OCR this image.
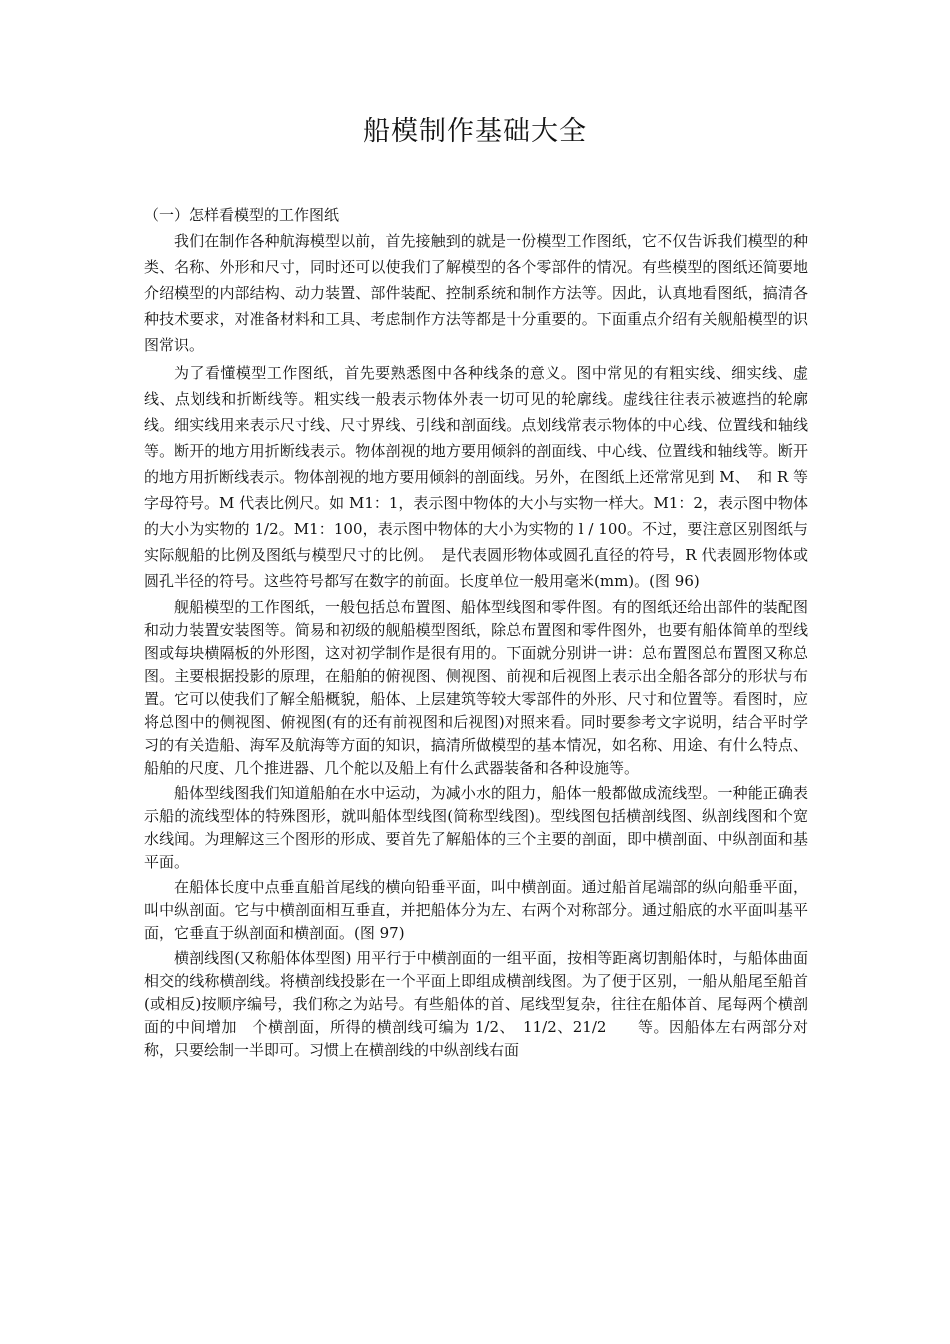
船模制作基础大全

（一）怎样看模型的工作图纸

我们在制作各种航海模型以前，首先接触到的就是一份模型工作图纸，它不仅告诉我们模型的种类、名称、外形和尺寸，同时还可以使我们了解模型的各个零部件的情况。有些模型的图纸还简要地介绍模型的内部结构、动力装置、部件装配、控制系统和制作方法等。因此，认真地看图纸，搞清各种技术要求，对准备材料和工具、考虑制作方法等都是十分重要的。下面重点介绍有关舰船模型的识图常识。

为了看懂模型工作图纸，首先要熟悉图中各种线条的意义。图中常见的有粗实线、细实线、虚线、点划线和折断线等。粗实线一般表示物体外表一切可见的轮廓线。虚线往往表示被遮挡的轮廓线。细实线用来表示尺寸线、尺寸界线、引线和剖面线。点划线常表示物体的中心线、位置线和轴线等。断开的地方用折断线表示。物体剖视的地方要用倾斜的剖面线、中心线、位置线和轴线等。断开的地方用折断线表示。物体剖视的地方要用倾斜的剖面线。另外，在图纸上还常常见到 M、　和 R 等字母符号。M 代表比例尺。如 M1：1，表示图中物体的大小与实物一样大。M1：2，表示图中物体的大小为实物的 1/2。M1：100，表示图中物体的大小为实物的 l / 100。不过，要注意区别图纸与实际舰船的比例及图纸与模型尺寸的比例。　是代表圆形物体或圆孔直径的符号，R 代表圆形物体或圆孔半径的符号。这些符号都写在数字的前面。长度单位一般用毫米(mm)。(图 96)

舰船模型的工作图纸，一般包括总布置图、船体型线图和零件图。有的图纸还给出部件的装配图和动力装置安装图等。简易和初级的舰船模型图纸，除总布置图和零件图外，也要有船体简单的型线图或每块横隔板的外形图，这对初学制作是很有用的。下面就分别讲一讲：总布置图总布置图又称总图。主要根据投影的原理，在船舶的俯视图、侧视图、前视和后视图上表示出全船各部分的形状与布置。它可以使我们了解全船概貌，船体、上层建筑等较大零部件的外形、尺寸和位置等。看图时，应将总图中的侧视图、俯视图(有的还有前视图和后视图)对照来看。同时要参考文字说明，结合平时学习的有关造船、海军及航海等方面的知识，搞清所做模型的基本情况，如名称、用途、有什么特点、船舶的尺度、几个推进器、几个舵以及船上有什么武器装备和各种设施等。

船体型线图我们知道船舶在水中运动，为减小水的阻力，船体一般都做成流线型。一种能正确表示船的流线型体的特殊图形，就叫船体型线图(简称型线图)。型线图包括横剖线图、纵剖线图和个宽水线闻。为理解这三个图形的形成、要首先了解船体的三个主要的剖面，即中横剖面、中纵剖面和基平面。

在船体长度中点垂直船首尾线的横向铅垂平面，叫中横剖面。通过船首尾端部的纵向船垂平面，叫中纵剖面。它与中横剖面相互垂直，并把船体分为左、右两个对称部分。通过船底的水平面叫基平面，它垂直于纵剖面和横剖面。(图 97)

横剖线图(又称船体体型图) 用平行于中横剖面的一组平面，按相等距离切割船体时，与船体曲面相交的线称横剖线。将横剖线投影在一个平面上即组成横剖线图。为了便于区别，一船从船尾至船首(或相反)按顺序编号，我们称之为站号。有些船体的首、尾线型复杂，往往在船体首、尾每两个横剖面的中间增加　个横剖面，所得的横剖线可编为 1/2、　11/2、21/2　　等。因船体左右两部分对称，只要绘制一半即可。习惯上在横剖线的中纵剖线右面
